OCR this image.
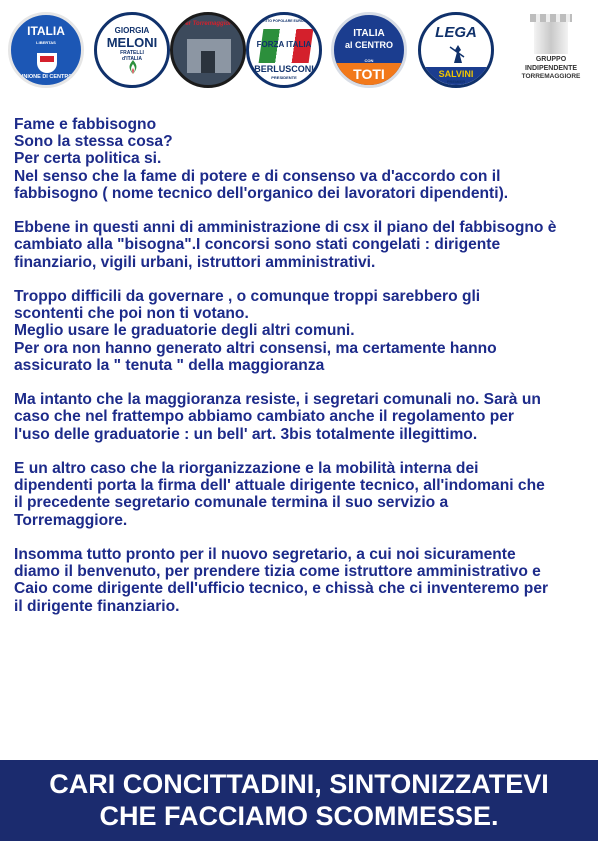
ITALIA
LIBERTAS
UNIONE DI CENTRO
GIORGIA
MELONI
FRATELLI
d'ITALIA
Per Torremaggiore	PARTITO POPOLARE EUROPEO
FORZA ITALIA
BERLUSCONI
PRESIDENTE
ITALIA
al CENTRO
CON
TOTI
LEGA
SALVINI
PREMIER
GRUPPO
INDIPENDENTE
TORREMAGGIORE

Fame e fabbisogno
Sono la stessa cosa?
Per certa politica si.
Nel senso che la fame di potere e di consenso va d'accordo con il
fabbisogno ( nome tecnico dell'organico dei lavoratori dipendenti).

Ebbene in questi anni di amministrazione di csx il piano del fabbisogno è
cambiato alla "bisogna".I concorsi sono stati congelati : dirigente
finanziario, vigili urbani, istruttori amministrativi.

Troppo difficili da governare , o comunque troppi sarebbero gli
scontenti che poi non ti votano.
Meglio usare le graduatorie degli altri comuni.
Per ora non hanno generato altri consensi, ma certamente hanno
assicurato la " tenuta " della maggioranza

Ma intanto che la maggioranza resiste, i segretari comunali no. Sarà un
caso che nel frattempo abbiamo cambiato anche il regolamento per
l'uso delle graduatorie : un bell' art. 3bis totalmente illegittimo.

E un altro caso che la riorganizzazione e la mobilità interna dei
dipendenti porta la firma dell' attuale dirigente tecnico, all'indomani che
il precedente segretario comunale termina il suo servizio a
Torremaggiore.

Insomma tutto pronto per il nuovo segretario, a cui noi sicuramente
diamo il benvenuto, per prendere tizia come istruttore amministrativo e
Caio come dirigente dell'ufficio tecnico, e chissà che ci inventeremo per
il dirigente finanziario.

CARI CONCITTADINI, SINTONIZZATEVI
CHE FACCIAMO SCOMMESSE.
